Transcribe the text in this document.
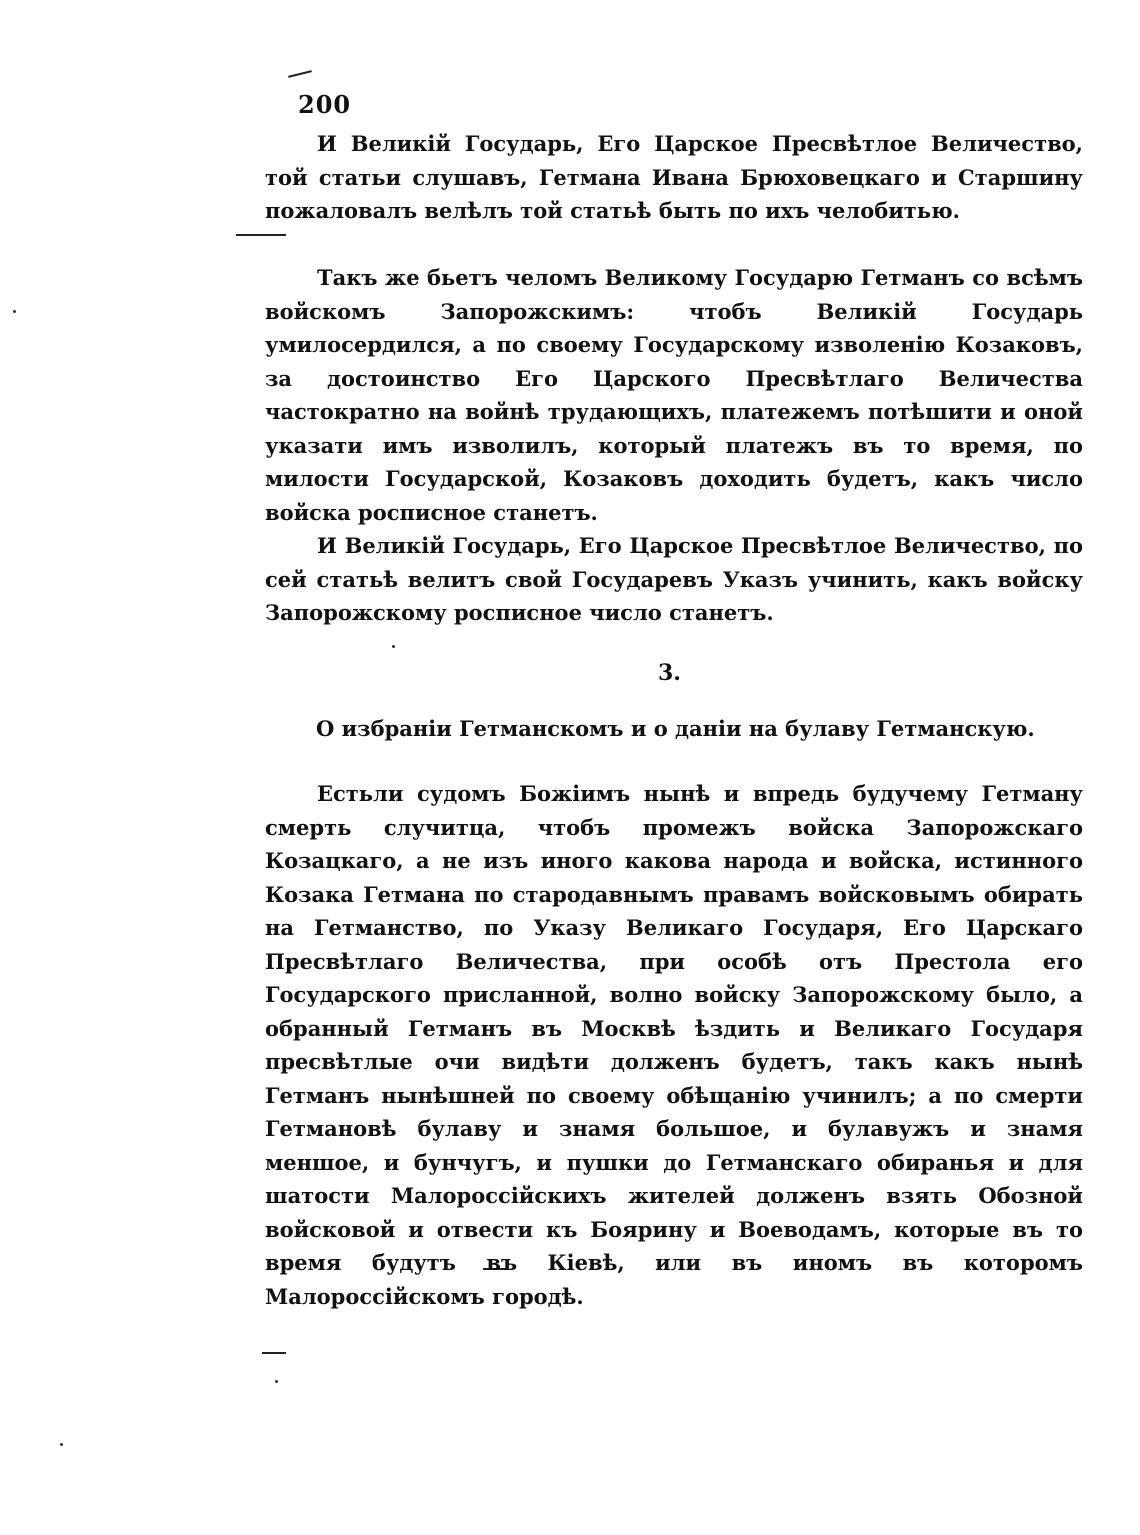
200

И Великій Государь, Его Царское Пресвѣтлое Величество, той статьи слушавъ, Гетмана Ивана Брюховецкаго и Старшину пожаловалъ велѣлъ той статьѣ быть по ихъ челобитью.

Такъ же бьетъ челомъ Великому Государю Гетманъ со всѣмъ войскомъ Запорожскимъ: чтобъ Великій Государь умилосердился, а по своему Государскому изволенію Козаковъ, за достоинство Его Царского Пресвѣтлаго Величества частократно на войнѣ трудающихъ, платежемъ потѣшити и оной указати имъ изволилъ, который платежъ въ то время, по милости Государской, Козаковъ доходить будетъ, какъ число войска росписное станетъ.

И Великій Государь, Его Царское Пресвѣтлое Величество, по сей статьѣ велитъ свой Государевъ Указъ учинить, какъ войску Запорожскому росписное число станетъ.

3.
О избраніи Гетманскомъ и о даніи на булаву Гетманскую.

Естьли судомъ Божіимъ нынѣ и впредь будучему Гетману смерть случитца, чтобъ промежъ войска Запорожскаго Козацкаго, а не изъ иного какова народа и войска, истинного Козака Гетмана по стародавнымъ правамъ войсковымъ обирать на Гетманство, по Указу Великаго Государя, Его Царскаго Пресвѣтлаго Величества, при особѣ отъ Престола его Государского присланной, волно войску Запорожскому было, а обранный Гетманъ въ Москвѣ ѣздить и Великаго Государя пресвѣтлые очи видѣти долженъ будетъ, такъ какъ нынѣ Гетманъ нынѣшней по своему обѣщанію учинилъ; а по смерти Гетмановѣ булаву и знамя большое, и булавужъ и знамя меншое, и бунчугъ, и пушки до Гетманскаго обиранья и для шатости Малороссійскихъ жителей долженъ взять Обозной войсковой и отвести къ Боярину и Воеводамъ, которые въ то время будутъ въ Кіевѣ, или въ иномъ въ которомъ Малороссійскомъ городѣ.
